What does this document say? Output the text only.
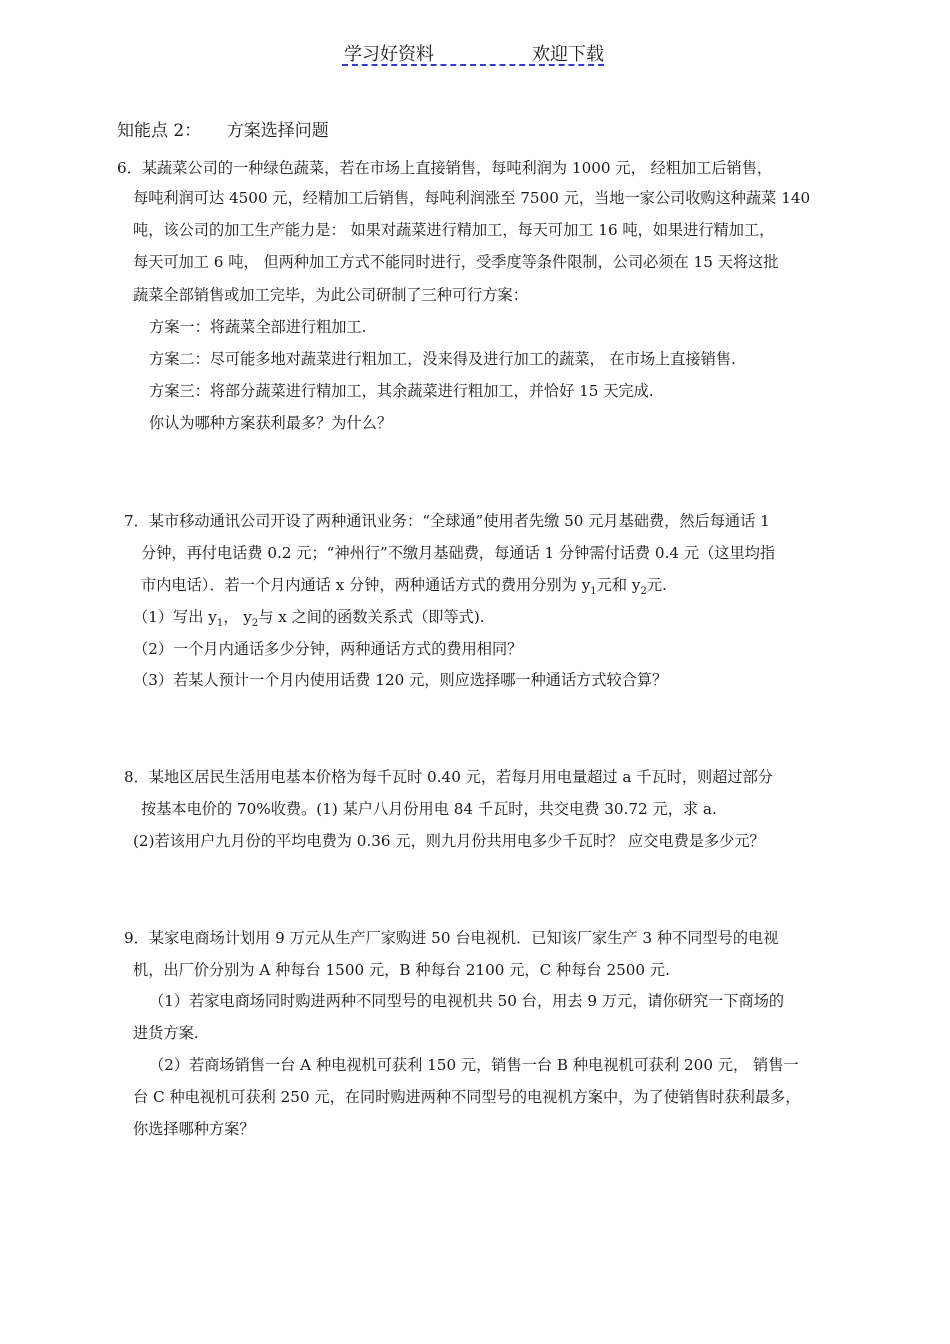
学习好资料	欢迎下载
知能点 2：　　方案选择问题
6．某蔬菜公司的一种绿色蔬菜，若在市场上直接销售，每吨利润为 1000 元， 经粗加工后销售，
每吨利润可达 4500 元，经精加工后销售，每吨利润涨至 7500 元，当地一家公司收购这种蔬菜 140
吨，该公司的加工生产能力是： 如果对蔬菜进行精加工，每天可加工 16 吨，如果进行精加工，
每天可加工 6 吨， 但两种加工方式不能同时进行，受季度等条件限制，公司必须在 15 天将这批
蔬菜全部销售或加工完毕，为此公司研制了三种可行方案：
方案一：将蔬菜全部进行粗加工.
方案二：尽可能多地对蔬菜进行粗加工，没来得及进行加工的蔬菜， 在市场上直接销售.
方案三：将部分蔬菜进行精加工，其余蔬菜进行粗加工，并恰好 15 天完成.
你认为哪种方案获利最多？为什么？
7．某市移动通讯公司开设了两种通讯业务：“全球通”使用者先缴 50 元月基础费，然后每通话 1
分钟，再付电话费 0.2 元；“神州行”不缴月基础费，每通话 1 分钟需付话费 0.4 元（这里均指
市内电话）．若一个月内通话 x 分钟，两种通话方式的费用分别为 $y_1$元和 $y_2$元.
（1）写出 $y_1$， $y_2$与 x 之间的函数关系式（即等式).
（2）一个月内通话多少分钟，两种通话方式的费用相同？
（3）若某人预计一个月内使用话费 120 元，则应选择哪一种通话方式较合算？
8．某地区居民生活用电基本价格为每千瓦时 0.40 元，若每月用电量超过 a 千瓦时，则超过部分
按基本电价的 70%收费。(1) 某户八月份用电 84 千瓦时，共交电费 30.72 元，求 a.
(2)若该用户九月份的平均电费为 0.36 元，则九月份共用电多少千瓦时？ 应交电费是多少元？
9．某家电商场计划用 9 万元从生产厂家购进 50 台电视机．已知该厂家生产 3 种不同型号的电视
机，出厂价分别为 A 种每台 1500 元，B 种每台 2100 元，C 种每台 2500 元.
（1）若家电商场同时购进两种不同型号的电视机共 50 台，用去 9 万元，请你研究一下商场的
进货方案.
（2）若商场销售一台 A 种电视机可获利 150 元，销售一台 B 种电视机可获利 200 元， 销售一
台 C 种电视机可获利 250 元，在同时购进两种不同型号的电视机方案中，为了使销售时获利最多，
你选择哪种方案？
